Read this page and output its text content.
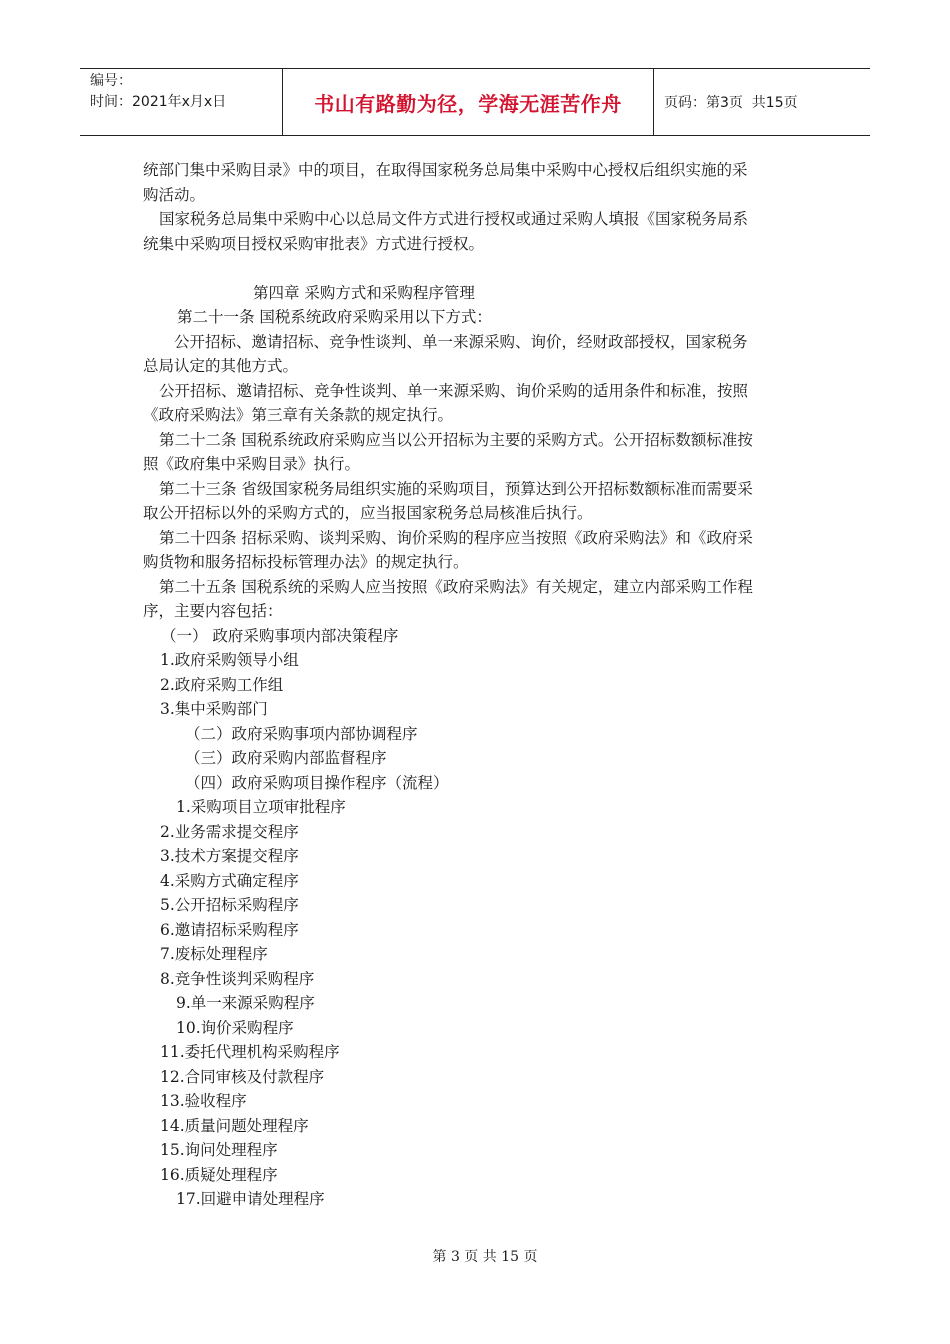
编号：
时间：2021年x月x日	书山有路勤为径，学海无涯苦作舟	页码：第3页  共15页

统部门集中采购目录》中的项目，在取得国家税务总局集中采购中心授权后组织实施的采

购活动。

国家税务总局集中采购中心以总局文件方式进行授权或通过采购人填报《国家税务局系

统集中采购项目授权采购审批表》方式进行授权。

第四章 采购方式和采购程序管理

第二十一条 国税系统政府采购采用以下方式：

公开招标、邀请招标、竞争性谈判、单一来源采购、询价，经财政部授权，国家税务

总局认定的其他方式。

公开招标、邀请招标、竞争性谈判、单一来源采购、询价采购的适用条件和标准，按照

《政府采购法》第三章有关条款的规定执行。

第二十二条 国税系统政府采购应当以公开招标为主要的采购方式。公开招标数额标准按

照《政府集中采购目录》执行。

第二十三条 省级国家税务局组织实施的采购项目，预算达到公开招标数额标准而需要采

取公开招标以外的采购方式的，应当报国家税务总局核准后执行。

第二十四条 招标采购、谈判采购、询价采购的程序应当按照《政府采购法》和《政府采

购货物和服务招标投标管理办法》的规定执行。

第二十五条 国税系统的采购人应当按照《政府采购法》有关规定，建立内部采购工作程

序，主要内容包括：

（一） 政府采购事项内部决策程序

1.政府采购领导小组

2.政府采购工作组

3.集中采购部门

（二）政府采购事项内部协调程序

（三）政府采购内部监督程序

（四）政府采购项目操作程序（流程）

1.采购项目立项审批程序

2.业务需求提交程序

3.技术方案提交程序

4.采购方式确定程序

5.公开招标采购程序

6.邀请招标采购程序

7.废标处理程序

8.竞争性谈判采购程序

9.单一来源采购程序

10.询价采购程序

11.委托代理机构采购程序

12.合同审核及付款程序

13.验收程序

14.质量问题处理程序

15.询问处理程序

16.质疑处理程序

17.回避申请处理程序

第 3 页 共 15 页
